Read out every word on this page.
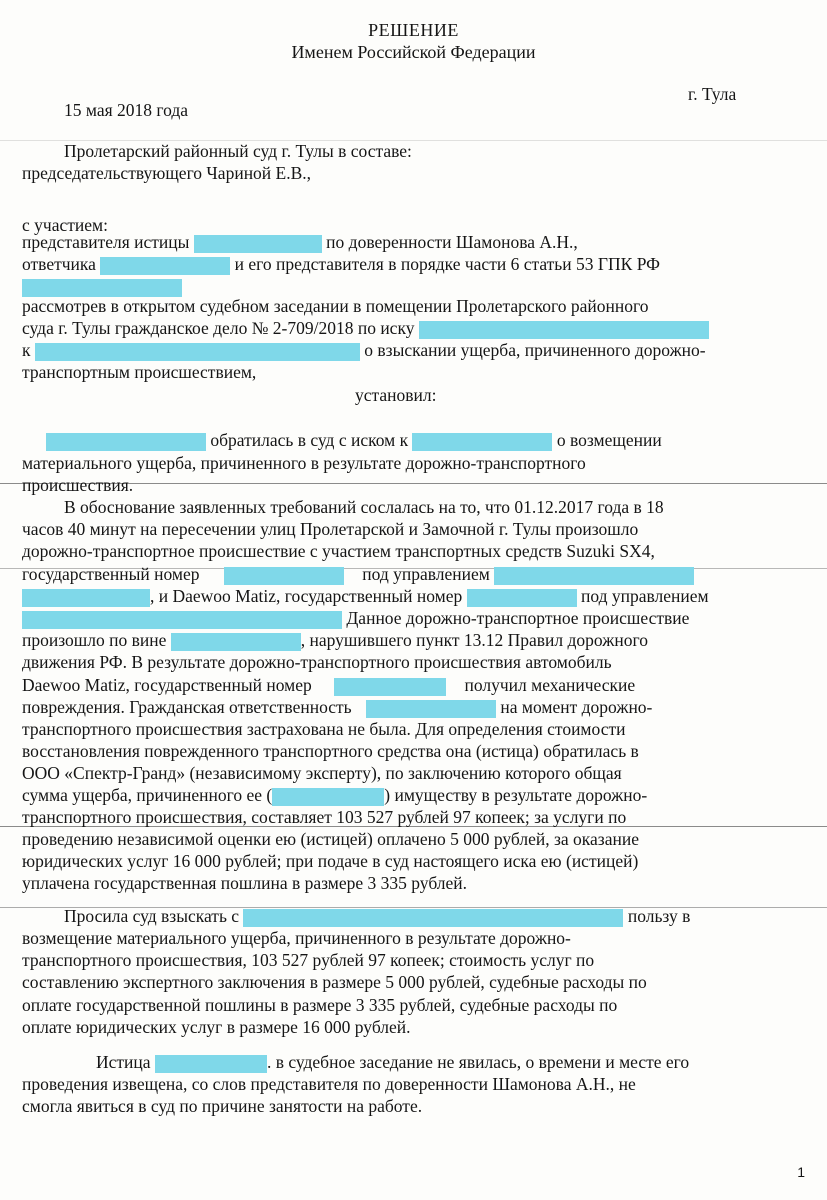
РЕШЕНИЕ
Именем Российской Федерации
15 мая 2018 года
г. Тула
Пролетарский районный суд г. Тулы в составе:
председательствующего Чариной Е.В.,
с участием:
представителя истицы	по доверенности Шамонова А.Н.,
ответчика	и его представителя в порядке части 6 статьи 53 ГПК РФ
рассмотрев в открытом судебном заседании в помещении Пролетарского районного
суда г. Тулы гражданское дело № 2-709/2018 по иску
к	о взыскании ущерба, причиненного дорожно-
транспортным происшествием,
установил:
обратилась в суд с иском к	о возмещении
материального ущерба, причиненного в результате дорожно-транспортного
происшествия.
В обоснование заявленных требований сослалась на то, что 01.12.2017 года в 18
часов 40 минут на пересечении улиц Пролетарской и Замочной г. Тулы произошло
дорожно-транспортное происшествие с участием транспортных средств Suzuki SX4,
государственный номер	под управлением
, и Daewoo Matiz, государственный номер	под управлением
Данное дорожно-транспортное происшествие
произошло по вине	, нарушившего пункт 13.12 Правил дорожного
движения РФ. В результате дорожно-транспортного происшествия автомобиль
Daewoo Matiz, государственный номер	получил механические
повреждения. Гражданская ответственность	на момент дорожно-
транспортного происшествия застрахована не была. Для определения стоимости
восстановления поврежденного транспортного средства она (истица) обратилась в
ООО «Спектр-Гранд» (независимому эксперту), по заключению которого общая
сумма ущерба, причиненного ее (	) имуществу в результате дорожно-
транспортного происшествия, составляет 103 527 рублей 97 копеек; за услуги по
проведению независимой оценки ею (истицей) оплачено 5 000 рублей, за оказание
юридических услуг 16 000 рублей; при подаче в суд настоящего иска ею (истицей)
уплачена государственная пошлина в размере 3 335 рублей.
Просила суд взыскать с	пользу в
возмещение материального ущерба, причиненного в результате дорожно-
транспортного происшествия, 103 527 рублей 97 копеек; стоимость услуг по
составлению экспертного заключения в размере 5 000 рублей, судебные расходы по
оплате государственной пошлины в размере 3 335 рублей, судебные расходы по
оплате юридических услуг в размере 16 000 рублей.
Истица	. в судебное заседание не явилась, о времени и месте его
проведения извещена, со слов представителя по доверенности Шамонова А.Н., не
смогла явиться в суд по причине занятости на работе.
1
